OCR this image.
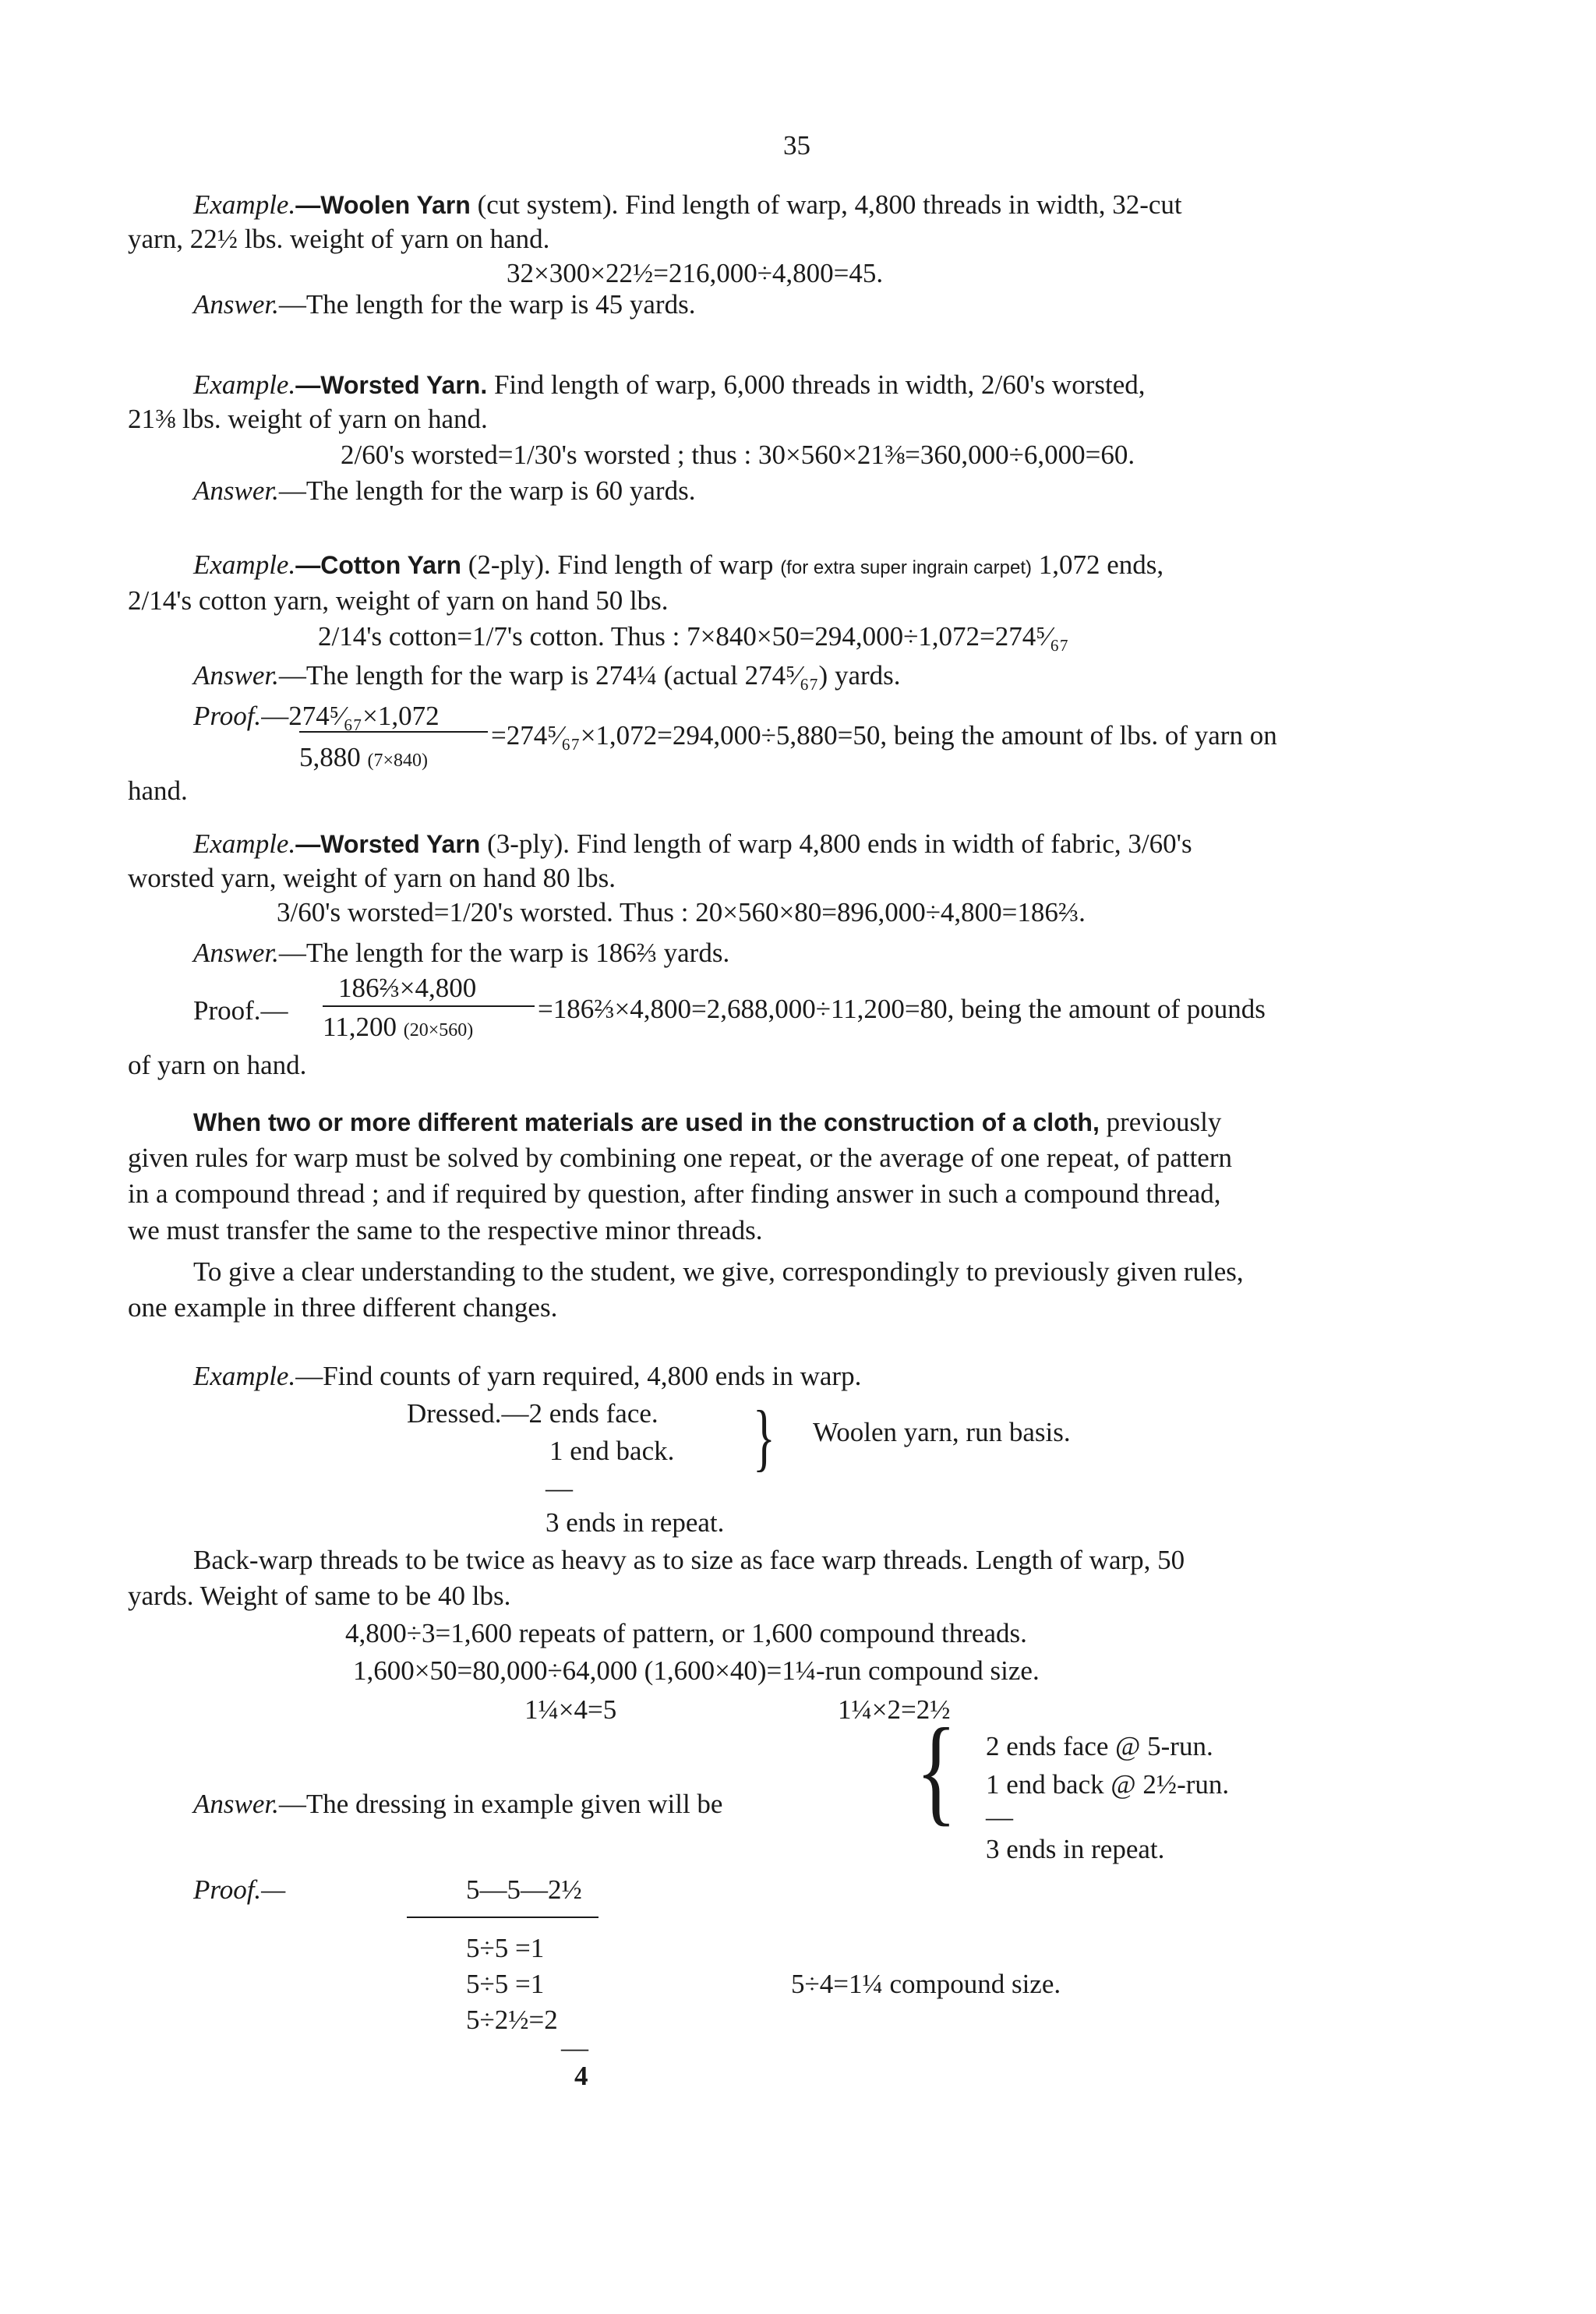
35
Example.—Woolen Yarn (cut system). Find length of warp, 4,800 threads in width, 32-cut
yarn, 22½ lbs. weight of yarn on hand.
32×300×22½=216,000÷4,800=45.
Answer.—The length for the warp is 45 yards.
Example.—Worsted Yarn. Find length of warp, 6,000 threads in width, 2/60's worsted,
21⅜ lbs. weight of yarn on hand.
2/60's worsted=1/30's worsted ; thus : 30×560×21⅜=360,000÷6,000=60.
Answer.—The length for the warp is 60 yards.
Example.—Cotton Yarn (2-ply). Find length of warp (for extra super ingrain carpet) 1,072 ends,
2/14's cotton yarn, weight of yarn on hand 50 lbs.
2/14's cotton=1/7's cotton. Thus : 7×840×50=294,000÷1,072=274⁵⁄₆₇
Answer.—The length for the warp is 274¼ (actual 274⁵⁄₆₇) yards.
Proof.—274⁵⁄₆₇×1,072
5,880 (7×840)
=274⁵⁄₆₇×1,072=294,000÷5,880=50, being the amount of lbs. of yarn on
hand.
Example.—Worsted Yarn (3-ply). Find length of warp 4,800 ends in width of fabric, 3/60's
worsted yarn, weight of yarn on hand 80 lbs.
3/60's worsted=1/20's worsted. Thus : 20×560×80=896,000÷4,800=186⅔.
Answer.—The length for the warp is 186⅔ yards.
Proof.—
186⅔×4,800
11,200 (20×560)
=186⅔×4,800=2,688,000÷11,200=80, being the amount of pounds
of yarn on hand.
When two or more different materials are used in the construction of a cloth, previously
given rules for warp must be solved by combining one repeat, or the average of one repeat, of pattern
in a compound thread ; and if required by question, after finding answer in such a compound thread,
we must transfer the same to the respective minor threads.
To give a clear understanding to the student, we give, correspondingly to previously given rules,
one example in three different changes.
Example.—Find counts of yarn required, 4,800 ends in warp.
Dressed.—2 ends face.
1 end back. } Woolen yarn, run basis.
—
3 ends in repeat.
Back-warp threads to be twice as heavy as to size as face warp threads. Length of warp, 50
yards. Weight of same to be 40 lbs.
4,800÷3=1,600 repeats of pattern, or 1,600 compound threads.
1,600×50=80,000÷64,000 (1,600×40)=1¼-run compound size.
1¼×4=5	1¼×2=2½
{ 2 ends face @ 5-run.
1 end back @ 2½-run.
Answer.—The dressing in example given will be	—
3 ends in repeat.
Proof.—	5—5—2½
5÷5 =1
5÷5 =1
5÷2½=2
—
4
5÷4=1¼ compound size.
